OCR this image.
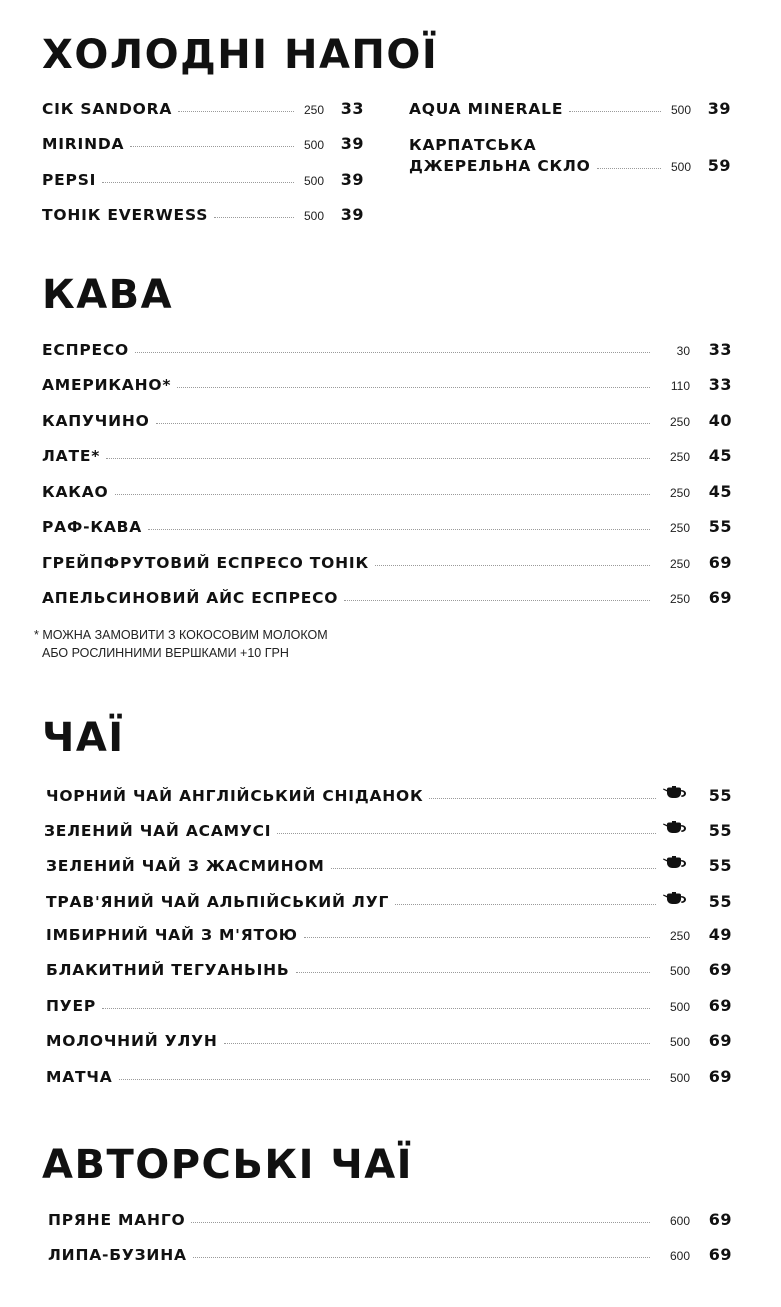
ХОЛОДНІ НАПОЇ
СІК SANDORA	250	33
MIRINDA	500	39
PEPSI	500	39
ТОНІК EVERWESS	500	39
AQUA MINERALE	500	39
КАРПАТСЬКА
ДЖЕРЕЛЬНА СКЛО	500	59
КАВА
ЕСПРЕСО	30	33
АМЕРИКАНО*	110	33
КАПУЧИНО	250	40
ЛАТЕ*	250	45
КАКАО	250	45
РАФ-КАВА	250	55
ГРЕЙПФРУТОВИЙ ЕСПРЕСО ТОНІК	250	69
АПЕЛЬСИНОВИЙ АЙС ЕСПРЕСО	250	69
* МОЖНА ЗАМОВИТИ З КОКОСОВИМ МОЛОКОМ
АБО РОСЛИННИМИ ВЕРШКАМИ +10 ГРН
ЧАЇ
ЧОРНИЙ ЧАЙ АНГЛІЙСЬКИЙ СНІДАНОК	55
ЗЕЛЕНИЙ ЧАЙ АСАМУСІ	55
ЗЕЛЕНИЙ ЧАЙ З ЖАСМИНОМ	55
ТРАВ'ЯНИЙ ЧАЙ АЛЬПІЙСЬКИЙ ЛУГ	55
ІМБИРНИЙ ЧАЙ З М'ЯТОЮ	250	49
БЛАКИТНИЙ ТЕГУАНЬІНЬ	500	69
ПУЕР	500	69
МОЛОЧНИЙ УЛУН	500	69
МАТЧА	500	69
АВТОРСЬКІ ЧАЇ
ПРЯНЕ МАНГО	600	69
ЛИПА-БУЗИНА	600	69
